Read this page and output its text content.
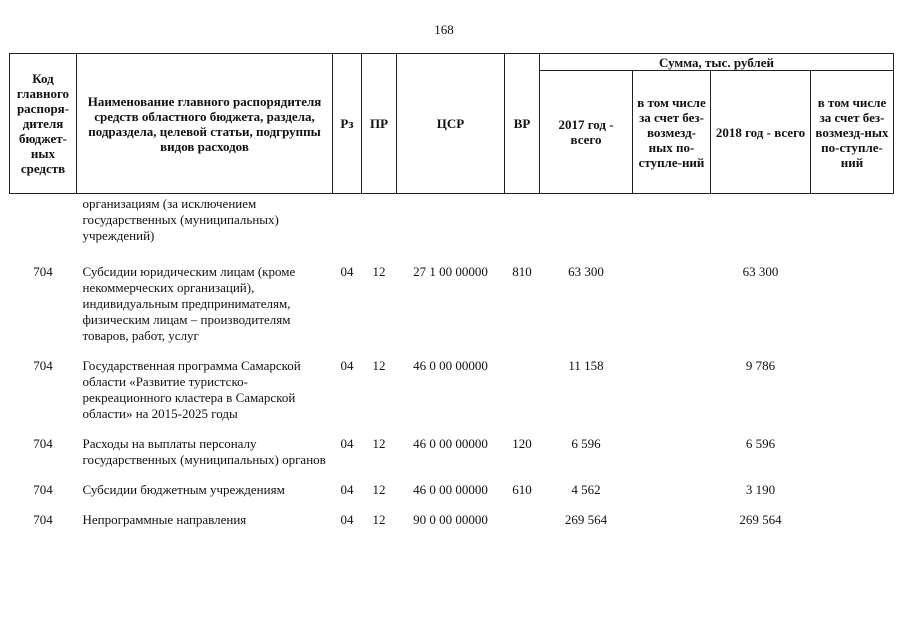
168
Код главного распоря-дителя бюджет-ных средств	Наименование главного распорядителя средств областного бюджета, раздела, подраздела, целевой статьи, подгруппы видов расходов	Рз	ПР	ЦСР	ВР	Сумма, тыс. рублей			
						2017 год - всего	в том числе за счет без-возмезд-ных по-ступле-ний	2018 год - всего	в том числе за счет без-возмезд-ных по-ступле-ний
	организациям (за исключением государственных (муниципальных) учреждений)								
704	Субсидии юридическим лицам (кроме некоммерческих организаций), индивидуальным предпринимателям, физическим лицам – производителям товаров, работ, услуг	04	12	27 1 00 00000	810	63 300		63 300	
704	Государственная программа Самарской области «Развитие туристско-рекреационного кластера в Самарской области» на 2015-2025 годы	04	12	46 0 00 00000		11 158		9 786	
704	Расходы на выплаты персоналу государственных (муниципальных) органов	04	12	46 0 00 00000	120	6 596		6 596	
704	Субсидии бюджетным учреждениям	04	12	46 0 00 00000	610	4 562		3 190	
704	Непрограммные направления	04	12	90 0 00 00000		269 564		269 564	
